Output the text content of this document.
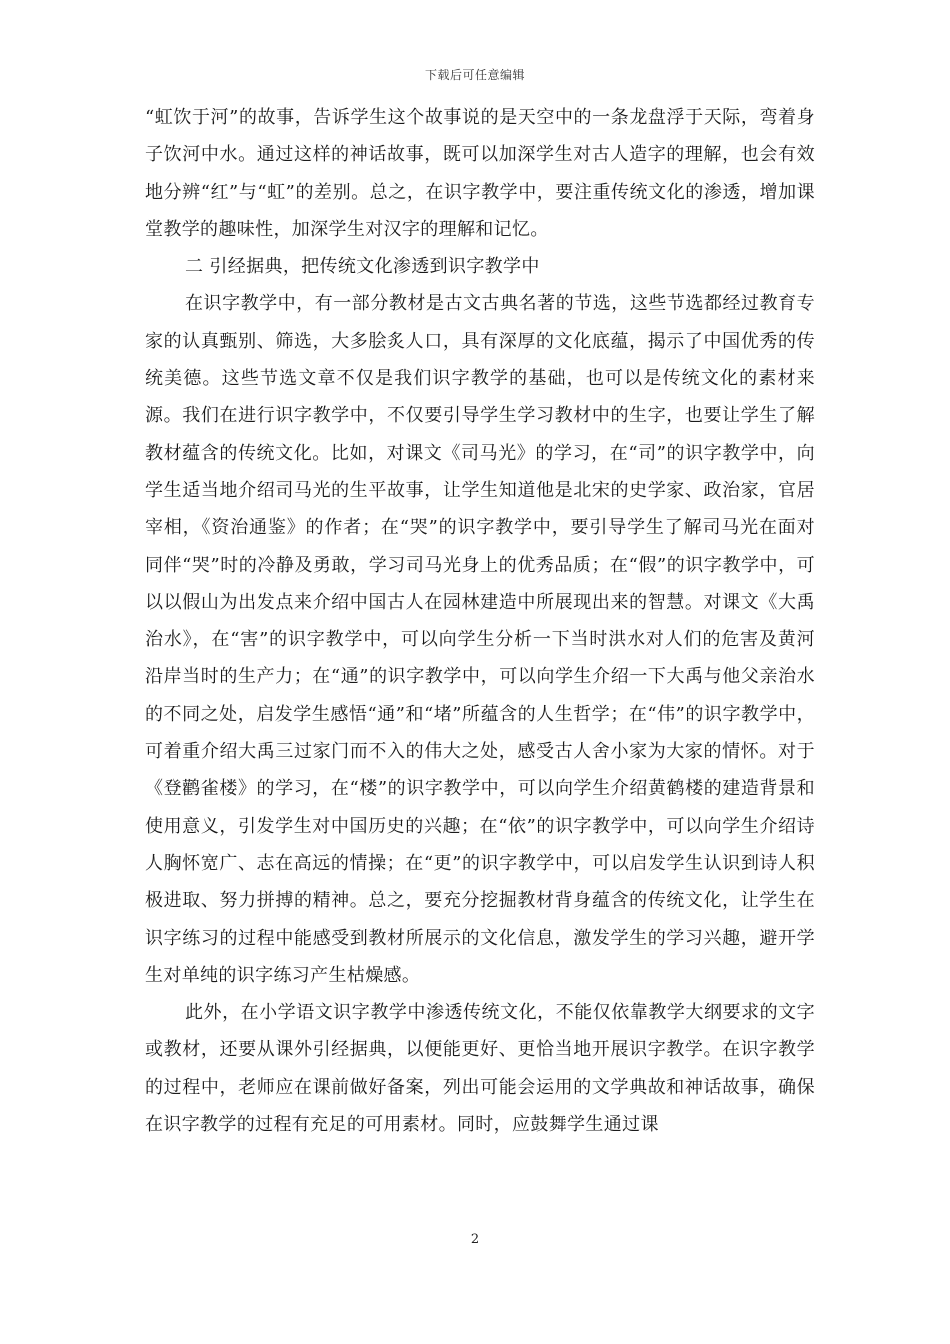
下载后可任意编辑

“虹饮于河”的故事，告诉学生这个故事说的是天空中的一条龙盘浮于天际，弯着身子饮河中水。通过这样的神话故事，既可以加深学生对古人造字的理解，也会有效地分辨“红”与“虹”的差别。总之，在识字教学中，要注重传统文化的渗透，增加课堂教学的趣味性，加深学生对汉字的理解和记忆。

二 引经据典，把传统文化渗透到识字教学中

在识字教学中，有一部分教材是古文古典名著的节选，这些节选都经过教育专家的认真甄别、筛选，大多脍炙人口，具有深厚的文化底蕴，揭示了中国优秀的传统美德。这些节选文章不仅是我们识字教学的基础，也可以是传统文化的素材来源。我们在进行识字教学中，不仅要引导学生学习教材中的生字，也要让学生了解教材蕴含的传统文化。比如，对课文《司马光》的学习，在“司”的识字教学中，向学生适当地介绍司马光的生平故事，让学生知道他是北宋的史学家、政治家，官居宰相，《资治通鉴》的作者；在“哭”的识字教学中，要引导学生了解司马光在面对同伴“哭”时的冷静及勇敢，学习司马光身上的优秀品质；在“假”的识字教学中，可以以假山为出发点来介绍中国古人在园林建造中所展现出来的智慧。对课文《大禹治水》，在“害”的识字教学中，可以向学生分析一下当时洪水对人们的危害及黄河沿岸当时的生产力；在“通”的识字教学中，可以向学生介绍一下大禹与他父亲治水的不同之处，启发学生感悟“通”和“堵”所蕴含的人生哲学；在“伟”的识字教学中，可着重介绍大禹三过家门而不入的伟大之处，感受古人舍小家为大家的情怀。对于《登鹳雀楼》的学习，在“楼”的识字教学中，可以向学生介绍黄鹤楼的建造背景和使用意义，引发学生对中国历史的兴趣；在“依”的识字教学中，可以向学生介绍诗人胸怀宽广、志在高远的情操；在“更”的识字教学中，可以启发学生认识到诗人积极进取、努力拼搏的精神。总之，要充分挖掘教材背身蕴含的传统文化，让学生在识字练习的过程中能感受到教材所展示的文化信息，激发学生的学习兴趣，避开学生对单纯的识字练习产生枯燥感。

此外，在小学语文识字教学中渗透传统文化，不能仅依靠教学大纲要求的文字或教材，还要从课外引经据典，以便能更好、更恰当地开展识字教学。在识字教学的过程中，老师应在课前做好备案，列出可能会运用的文学典故和神话故事，确保在识字教学的过程有充足的可用素材。同时，应鼓舞学生通过课

2
